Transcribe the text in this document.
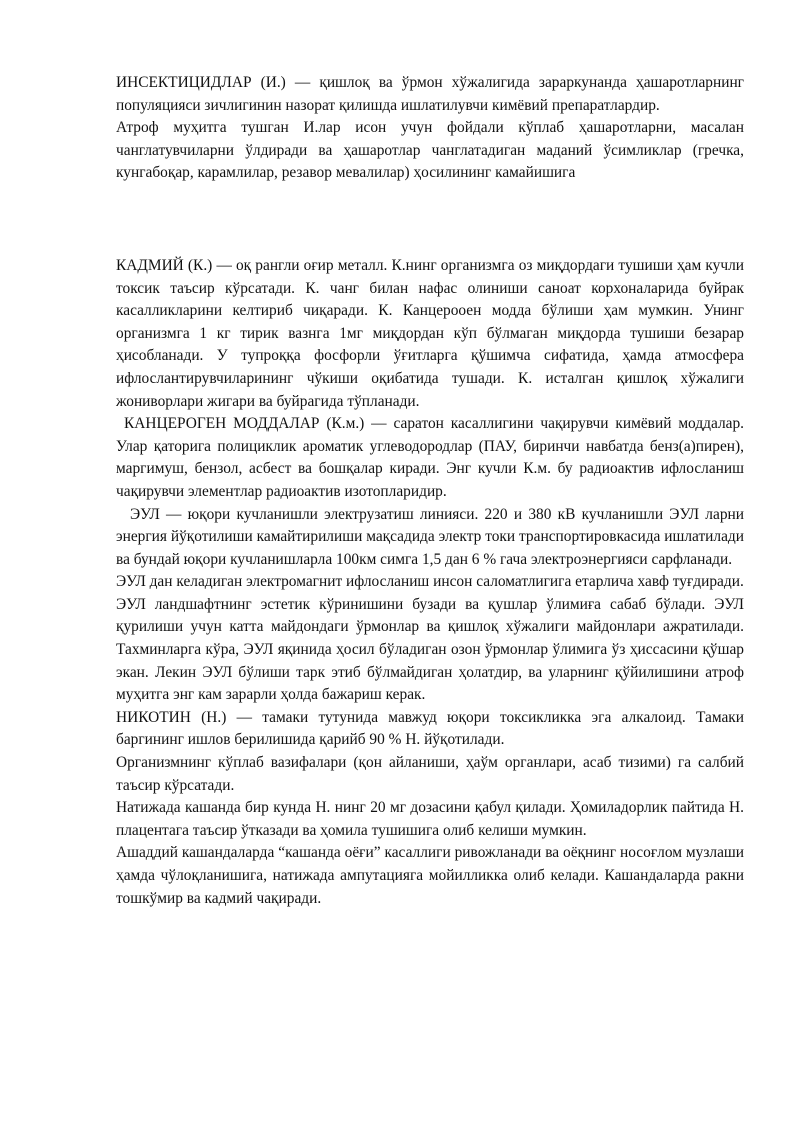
ИНСЕКТИЦИДЛАР (И.) — қишлоқ ва ўрмон хўжалигида зараркунанда ҳашаротларнинг популяцияси зичлигинин назорат қилишда ишлатилувчи кимёвий препаратлардир.

Атроф муҳитга тушган И.лар исон учун фойдали кўплаб ҳашаротларни, масалан чанглатувчиларни ўлдиради ва ҳашаротлар чанглатадиган маданий ўсимликлар (гречка, кунгабоқар, карамлилар, резавор мевалилар) ҳосилининг камайишига

КАДМИЙ (К.) — оқ рангли оғир металл. К.нинг организмга оз миқдордаги тушиши ҳам кучли токсик таъсир кўрсатади. К. чанг билан нафас олиниши саноат корхоналарида буйрак касалликларини келтириб чиқаради. К. Канцерооен модда бўлиши ҳам мумкин. Унинг организмга 1 кг тирик вазнга 1мг миқдордан кўп бўлмаган миқдорда тушиши безарар ҳисобланади. У тупроққа фосфорли ўғитларга қўшимча сифатида, ҳамда атмосфера ифлослантирувчиларининг чўкиши оқибатида тушади. К. исталган қишлоқ хўжалиги жониворлари жигари ва буйрагида тўпланади.

КАНЦЕРОГЕН МОДДАЛАР (К.м.) — саратон касаллигини чақирувчи кимёвий моддалар. Улар қаторига полициклик ароматик углеводородлар (ПАУ, биринчи навбатда бенз(а)пирен), маргимуш, бензол, асбест ва бошқалар киради. Энг кучли К.м. бу радиоактив ифлосланиш чақирувчи элементлар радиоактив изотопларидир.

ЭУЛ — юқори кучланишли электрузатиш линияси. 220 и 380 кВ кучланишли ЭУЛ ларни энергия йўқотилиши камайтирилиши мақсадида электр токи транспортировкасида ишлатилади ва бундай юқори кучланишларла 100км симга 1,5 дан 6 % гача электроэнергияси сарфланади.

ЭУЛ дан келадиган электромагнит ифлосланиш инсон саломатлигига етарлича хавф туғдиради.

ЭУЛ ландшафтнинг эстетик кўринишини бузади ва қушлар ўлимиға сабаб бўлади. ЭУЛ қурилиши учун катта майдондаги ўрмонлар ва қишлоқ хўжалиги майдонлари ажратилади. Тахминларга кўра, ЭУЛ яқинида ҳосил бўладиган озон ўрмонлар ўлимига ўз ҳиссасини қўшар экан. Лекин ЭУЛ бўлиши тарк этиб бўлмайдиган ҳолатдир, ва уларнинг қўйилишини атроф муҳитга энг кам зарарли ҳолда бажариш керак.

НИКОТИН (Н.) — тамаки тутунида мавжуд юқори токсикликка эга алкалоид. Тамаки баргининг ишлов берилишида қарийб 90 % Н. йўқотилади.

Организмнинг кўплаб вазифалари (қон айланиши, ҳаўм органлари, асаб тизими) га салбий таъсир кўрсатади.

Натижада кашанда бир кунда Н. нинг 20 мг дозасини қабул қилади. Ҳомиладорлик пайтида Н. плацентага таъсир ўтказади ва ҳомила тушишига олиб келиши мумкин.

Ашаддий кашандаларда “кашанда оёғи” касаллиги ривожланади ва оёқнинг носоғлом музлаши ҳамда чўлоқланишига, натижада ампутацияга мойилликка олиб келади. Кашандаларда ракни тошкўмир ва кадмий чақиради.
